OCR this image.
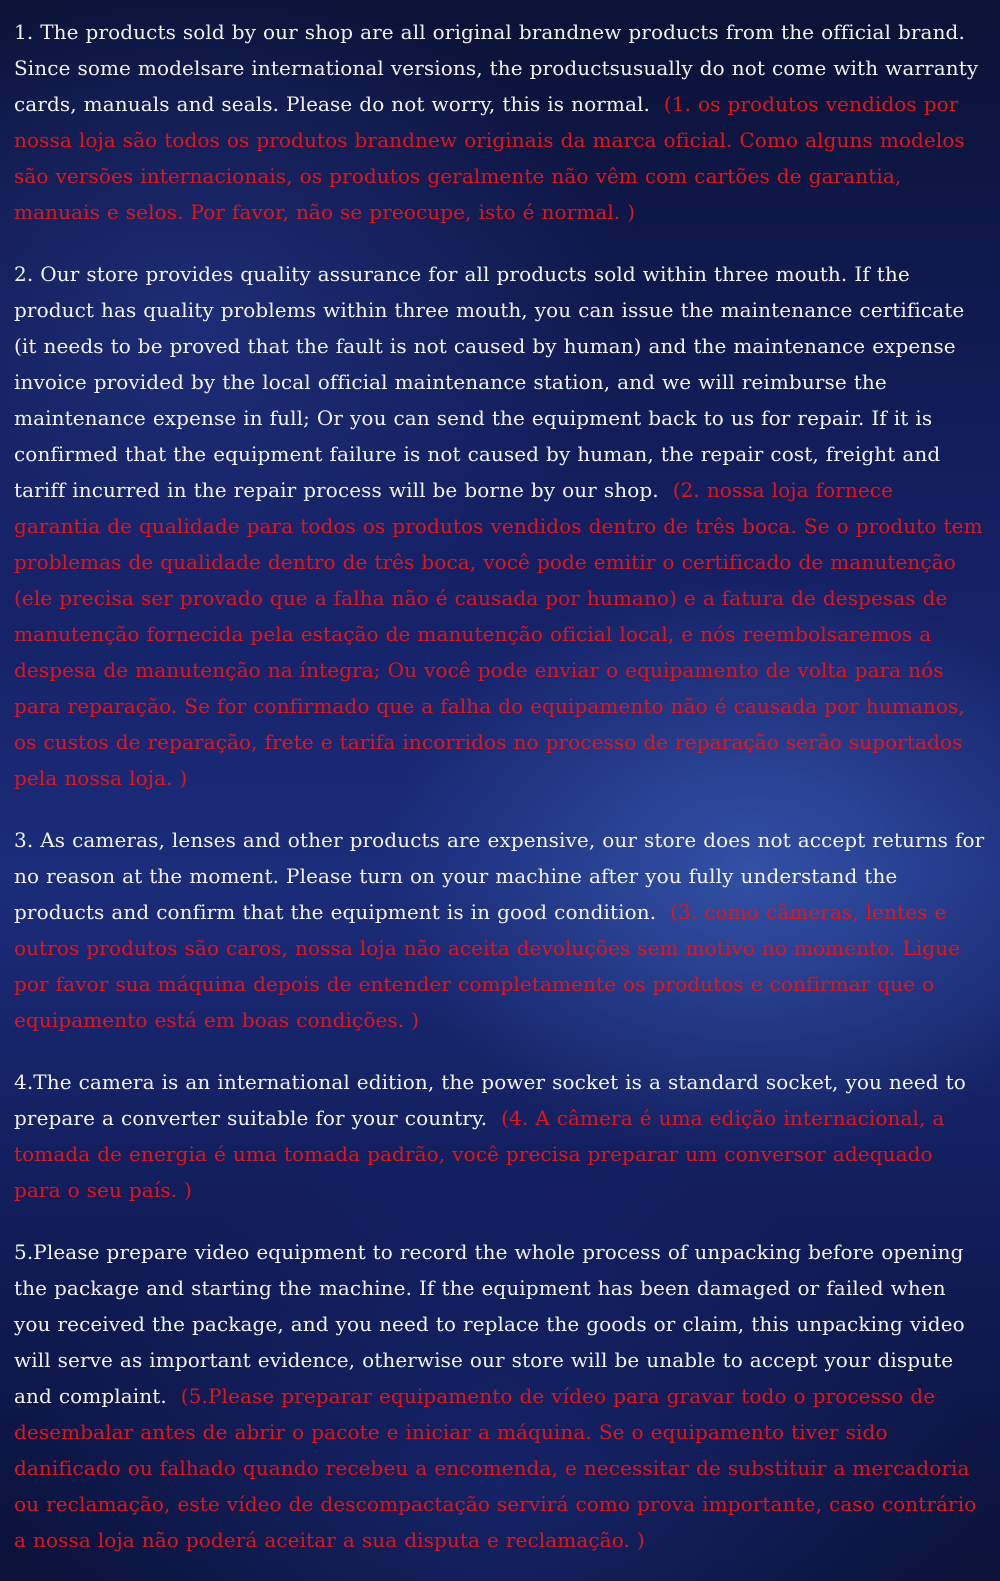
1. The products sold by our shop are all original brandnew products from the official brand. Since some modelsare international versions, the productsusually do not come with warranty cards, manuals and seals. Please do not worry, this is normal. (1. os produtos vendidos por nossa loja são todos os produtos brandnew originais da marca oficial. Como alguns modelos são versões internacionais, os produtos geralmente não vêm com cartões de garantia, manuais e selos. Por favor, não se preocupe, isto é normal. )

2. Our store provides quality assurance for all products sold within three mouth. If the product has quality problems within three mouth, you can issue the maintenance certificate (it needs to be proved that the fault is not caused by human) and the maintenance expense invoice provided by the local official maintenance station, and we will reimburse the maintenance expense in full; Or you can send the equipment back to us for repair. If it is confirmed that the equipment failure is not caused by human, the repair cost, freight and tariff incurred in the repair process will be borne by our shop. (2. nossa loja fornece garantia de qualidade para todos os produtos vendidos dentro de três boca. Se o produto tem problemas de qualidade dentro de três boca, você pode emitir o certificado de manutenção (ele precisa ser provado que a falha não é causada por humano) e a fatura de despesas de manutenção fornecida pela estação de manutenção oficial local, e nós reembolsaremos a despesa de manutenção na íntegra; Ou você pode enviar o equipamento de volta para nós para reparação. Se for confirmado que a falha do equipamento não é causada por humanos, os custos de reparação, frete e tarifa incorridos no processo de reparação serão suportados pela nossa loja. )

3. As cameras, lenses and other products are expensive, our store does not accept returns for no reason at the moment. Please turn on your machine after you fully understand the products and confirm that the equipment is in good condition. (3. como câmeras, lentes e outros produtos são caros, nossa loja não aceita devoluções sem motivo no momento. Ligue por favor sua máquina depois de entender completamente os produtos e confirmar que o equipamento está em boas condições. )

4.The camera is an international edition, the power socket is a standard socket, you need to prepare a converter suitable for your country. (4. A câmera é uma edição internacional, a tomada de energia é uma tomada padrão, você precisa preparar um conversor adequado para o seu país. )

5.Please prepare video equipment to record the whole process of unpacking before opening the package and starting the machine. If the equipment has been damaged or failed when you received the package, and you need to replace the goods or claim, this unpacking video will serve as important evidence, otherwise our store will be unable to accept your dispute and complaint. (5.Please preparar equipamento de vídeo para gravar todo o processo de desembalar antes de abrir o pacote e iniciar a máquina. Se o equipamento tiver sido danificado ou falhado quando recebeu a encomenda, e necessitar de substituir a mercadoria ou reclamação, este vídeo de descompactação servirá como prova importante, caso contrário a nossa loja não poderá aceitar a sua disputa e reclamação. )
